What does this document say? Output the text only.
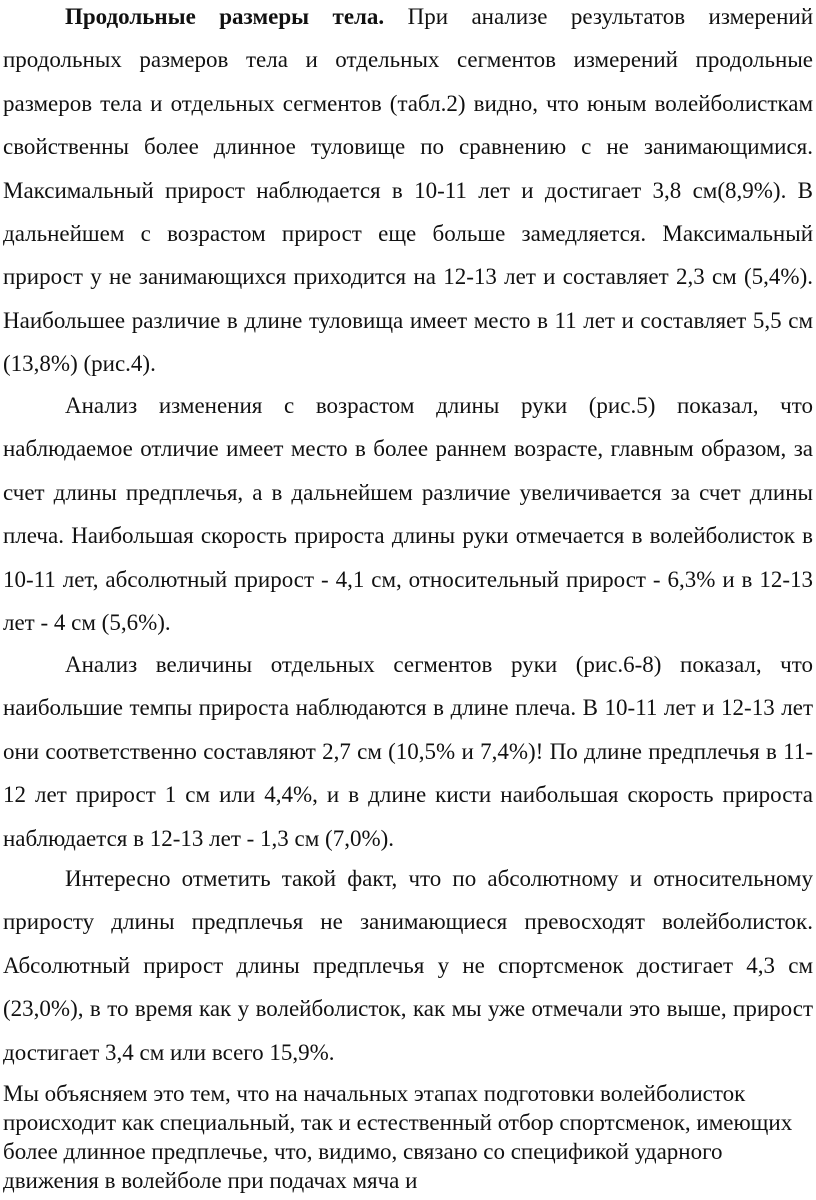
Продольные размеры тела. При анализе результатов измерений продольных размеров тела и отдельных сегментов измерений продольные размеров тела и отдельных сегментов (табл.2) видно, что юным волейболисткам свойственны более длинное туловище по сравнению с не занимающимися. Максимальный прирост наблюдается в 10-11 лет и достигает 3,8 см(8,9%). В дальнейшем с возрастом прирост еще больше замедляется. Максимальный прирост у не занимающихся приходится на 12-13 лет и составляет 2,3 см (5,4%). Наибольшее различие в длине туловища имеет место в 11 лет и составляет 5,5 см (13,8%) (рис.4).

Анализ изменения с возрастом длины руки (рис.5) показал, что наблюдаемое отличие имеет место в более раннем возрасте, главным образом, за счет длины предплечья, а в дальнейшем различие увеличивается за счет длины плеча. Наибольшая скорость прироста длины руки отмечается в волейболисток в 10-11 лет, абсолютный прирост - 4,1 см, относительный прирост - 6,3% и в 12-13 лет - 4 см (5,6%).

Анализ величины отдельных сегментов руки (рис.6-8) показал, что наибольшие темпы прироста наблюдаются в длине плеча. В 10-11 лет и 12-13 лет они соответственно составляют 2,7 см (10,5% и 7,4%)! По длине предплечья в 11-12 лет прирост 1 см или 4,4%, и в длине кисти наибольшая скорость прироста наблюдается в 12-13 лет - 1,3 см (7,0%).

Интересно отметить такой факт, что по абсолютному и относительному приросту длины предплечья не занимающиеся превосходят волейболисток. Абсолютный прирост длины предплечья у не спортсменок достигает 4,3 см (23,0%), в то время как у волейболисток, как мы уже отмечали это выше, прирост достигает 3,4 см или всего 15,9%.

Мы объясняем это тем, что на начальных этапах подготовки волейболисток происходит как специальный, так и естественный отбор спортсменок, имеющих более длинное предплечье, что, видимо, связано со спецификой ударного движения в волейболе при подачах мяча и
